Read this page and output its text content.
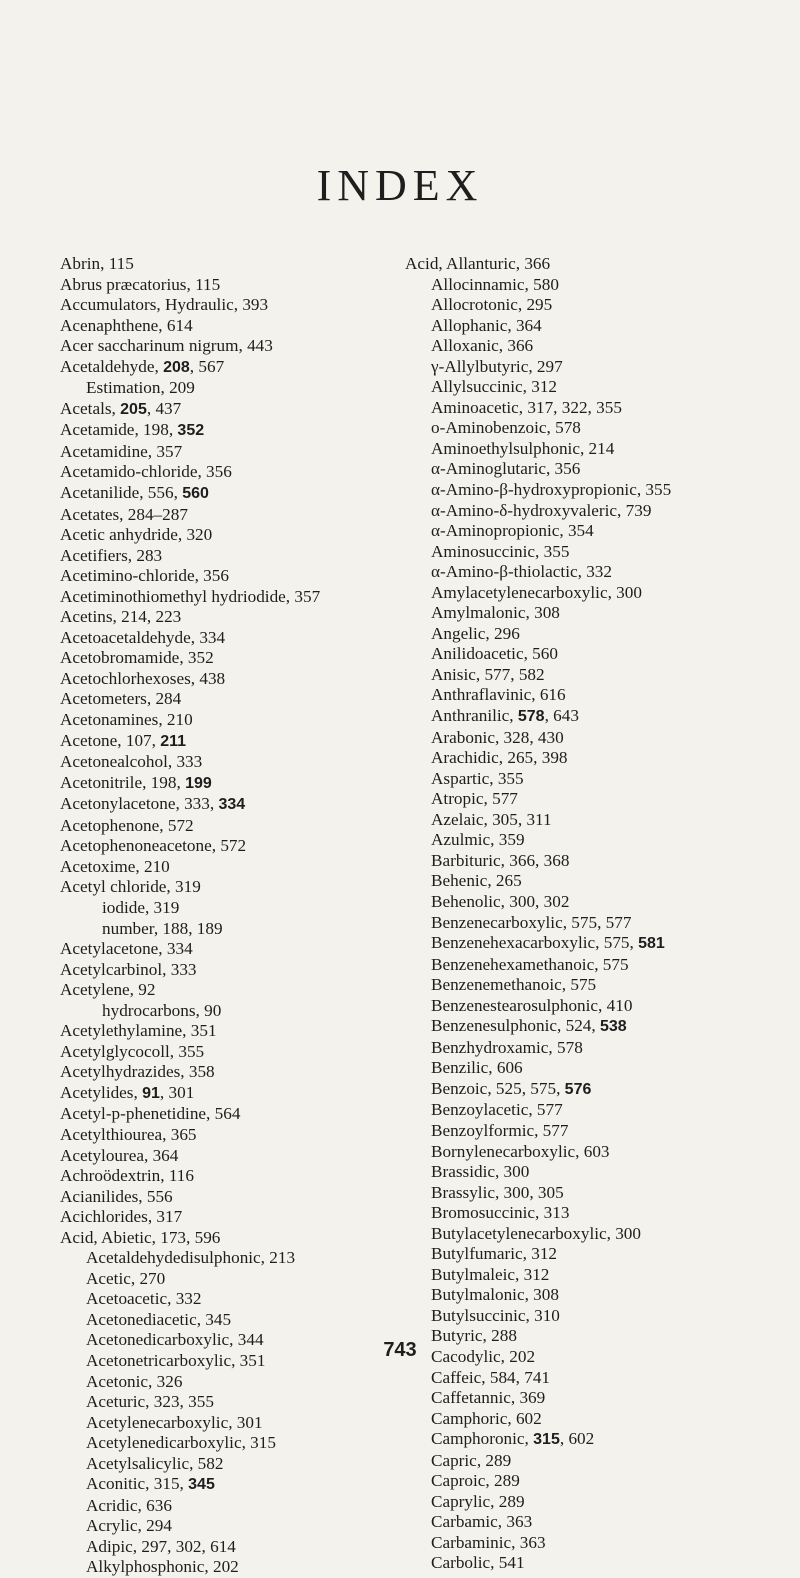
INDEX
Abrin, 115
Abrus præcatorius, 115
Accumulators, Hydraulic, 393
Acenaphthene, 614
Acer saccharinum nigrum, 443
Acetaldehyde, 208, 567
Estimation, 209
Acetals, 205, 437
Acetamide, 198, 352
Acetamidine, 357
Acetamido-chloride, 356
Acetanilide, 556, 560
Acetates, 284–287
Acetic anhydride, 320
Acetifiers, 283
Acetimino-chloride, 356
Acetiminothiomethyl hydriodide, 357
Acetins, 214, 223
Acetoacetaldehyde, 334
Acetobromamide, 352
Acetochlorhexoses, 438
Acetometers, 284
Acetonamines, 210
Acetone, 107, 211
Acetonealcohol, 333
Acetonitrile, 198, 199
Acetonylacetone, 333, 334
Acetophenone, 572
Acetophenoneacetone, 572
Acetoxime, 210
Acetyl chloride, 319
iodide, 319
number, 188, 189
Acetylacetone, 334
Acetylcarbinol, 333
Acetylene, 92
hydrocarbons, 90
Acetylethylamine, 351
Acetylglycocoll, 355
Acetylhydrazides, 358
Acetylides, 91, 301
Acetyl-p-phenetidine, 564
Acetylthiourea, 365
Acetylourea, 364
Achroödextrin, 116
Acianilides, 556
Acichlorides, 317
Acid, Abietic, 173, 596
Acetaldehydedisulphonic, 213
Acetic, 270
Acetoacetic, 332
Acetonediacetic, 345
Acetonedicarboxylic, 344
Acetonetricarboxylic, 351
Acetonic, 326
Aceturic, 323, 355
Acetylenecarboxylic, 301
Acetylenedicarboxylic, 315
Acetylsalicylic, 582
Aconitic, 315, 345
Acridic, 636
Acrylic, 294
Adipic, 297, 302, 614
Alkylphosphonic, 202
Acid, Allanturic, 366
Allocinnamic, 580
Allocrotonic, 295
Allophanic, 364
Alloxanic, 366
γ-Allylbutyric, 297
Allylsuccinic, 312
Aminoacetic, 317, 322, 355
o-Aminobenzoic, 578
Aminoethylsulphonic, 214
α-Aminoglutaric, 356
α-Amino-β-hydroxypropionic, 355
α-Amino-δ-hydroxyvaleric, 739
α-Aminopropionic, 354
Aminosuccinic, 355
α-Amino-β-thiolactic, 332
Amylacetylenecarboxylic, 300
Amylmalonic, 308
Angelic, 296
Anilidoacetic, 560
Anisic, 577, 582
Anthraflavinic, 616
Anthranilic, 578, 643
Arabonic, 328, 430
Arachidic, 265, 398
Aspartic, 355
Atropic, 577
Azelaic, 305, 311
Azulmic, 359
Barbituric, 366, 368
Behenic, 265
Behenolic, 300, 302
Benzenecarboxylic, 575, 577
Benzenehexacarboxylic, 575, 581
Benzenehexamethanoic, 575
Benzenemethanoic, 575
Benzenestearosulphonic, 410
Benzenesulphonic, 524, 538
Benzhydroxamic, 578
Benzilic, 606
Benzoic, 525, 575, 576
Benzoylacetic, 577
Benzoylformic, 577
Bornylenecarboxylic, 603
Brassidic, 300
Brassylic, 300, 305
Bromosuccinic, 313
Butylacetylenecarboxylic, 300
Butylfumaric, 312
Butylmaleic, 312
Butylmalonic, 308
Butylsuccinic, 310
Butyric, 288
Cacodylic, 202
Caffeic, 584, 741
Caffetannic, 369
Camphoric, 602
Camphoronic, 315, 602
Capric, 289
Caproic, 289
Caprylic, 289
Carbamic, 363
Carbaminic, 363
Carbolic, 541
743
